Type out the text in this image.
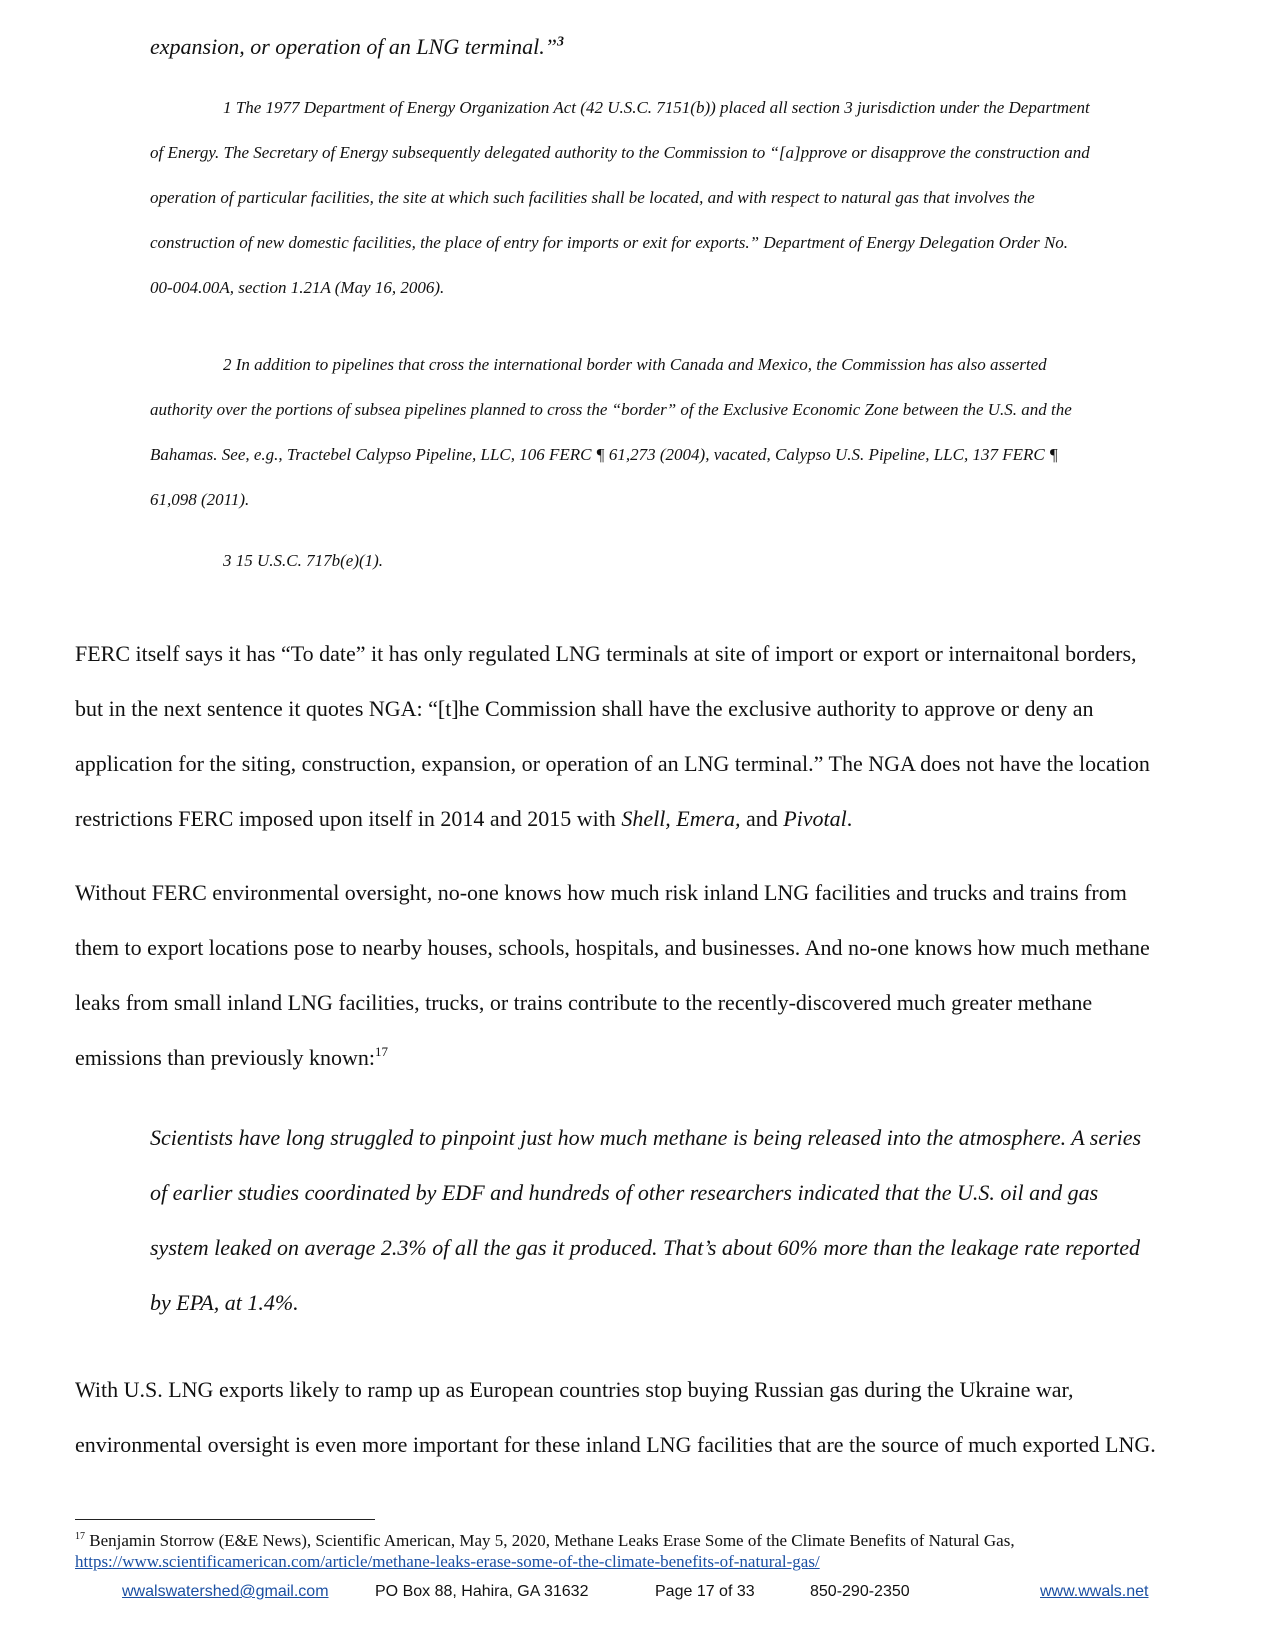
expansion, or operation of an LNG terminal.”$^3$
1 The 1977 Department of Energy Organization Act (42 U.S.C. 7151(b)) placed all section 3 jurisdiction under the Department
of Energy. The Secretary of Energy subsequently delegated authority to the Commission to “[a]pprove or disapprove the construction and
operation of particular facilities, the site at which such facilities shall be located, and with respect to natural gas that involves the
construction of new domestic facilities, the place of entry for imports or exit for exports.” Department of Energy Delegation Order No.
00-004.00A, section 1.21A (May 16, 2006).
2 In addition to pipelines that cross the international border with Canada and Mexico, the Commission has also asserted
authority over the portions of subsea pipelines planned to cross the “border” of the Exclusive Economic Zone between the U.S. and the
Bahamas. See, e.g., Tractebel Calypso Pipeline, LLC, 106 FERC ¶ 61,273 (2004), vacated, Calypso U.S. Pipeline, LLC, 137 FERC ¶
61,098 (2011).
3 15 U.S.C. 717b(e)(1).
FERC itself says it has “To date” it has only regulated LNG terminals at site of import or export or internaitonal borders,
but in the next sentence it quotes NGA: “[t]he Commission shall have the exclusive authority to approve or deny an
application for the siting, construction, expansion, or operation of an LNG terminal.” The NGA does not have the location
restrictions FERC imposed upon itself in 2014 and 2015 with Shell, Emera, and Pivotal.
Without FERC environmental oversight, no-one knows how much risk inland LNG facilities and trucks and trains from
them to export locations pose to nearby houses, schools, hospitals, and businesses. And no-one knows how much methane
leaks from small inland LNG facilities, trucks, or trains contribute to the recently-discovered much greater methane
emissions than previously known:$^{17}$
Scientists have long struggled to pinpoint just how much methane is being released into the atmosphere. A series
of earlier studies coordinated by EDF and hundreds of other researchers indicated that the U.S. oil and gas
system leaked on average 2.3% of all the gas it produced. That’s about 60% more than the leakage rate reported
by EPA, at 1.4%.
With U.S. LNG exports likely to ramp up as European countries stop buying Russian gas during the Ukraine war,
environmental oversight is even more important for these inland LNG facilities that are the source of much exported LNG.
$^{17}$ Benjamin Storrow (E&E News), Scientific American, May 5, 2020, Methane Leaks Erase Some of the Climate Benefits of Natural Gas,
https://www.scientificamerican.com/article/methane-leaks-erase-some-of-the-climate-benefits-of-natural-gas/
wwalswatershed@gmail.com	PO Box 88, Hahira, GA 31632	Page 17 of 33	850-290-2350	www.wwals.net
